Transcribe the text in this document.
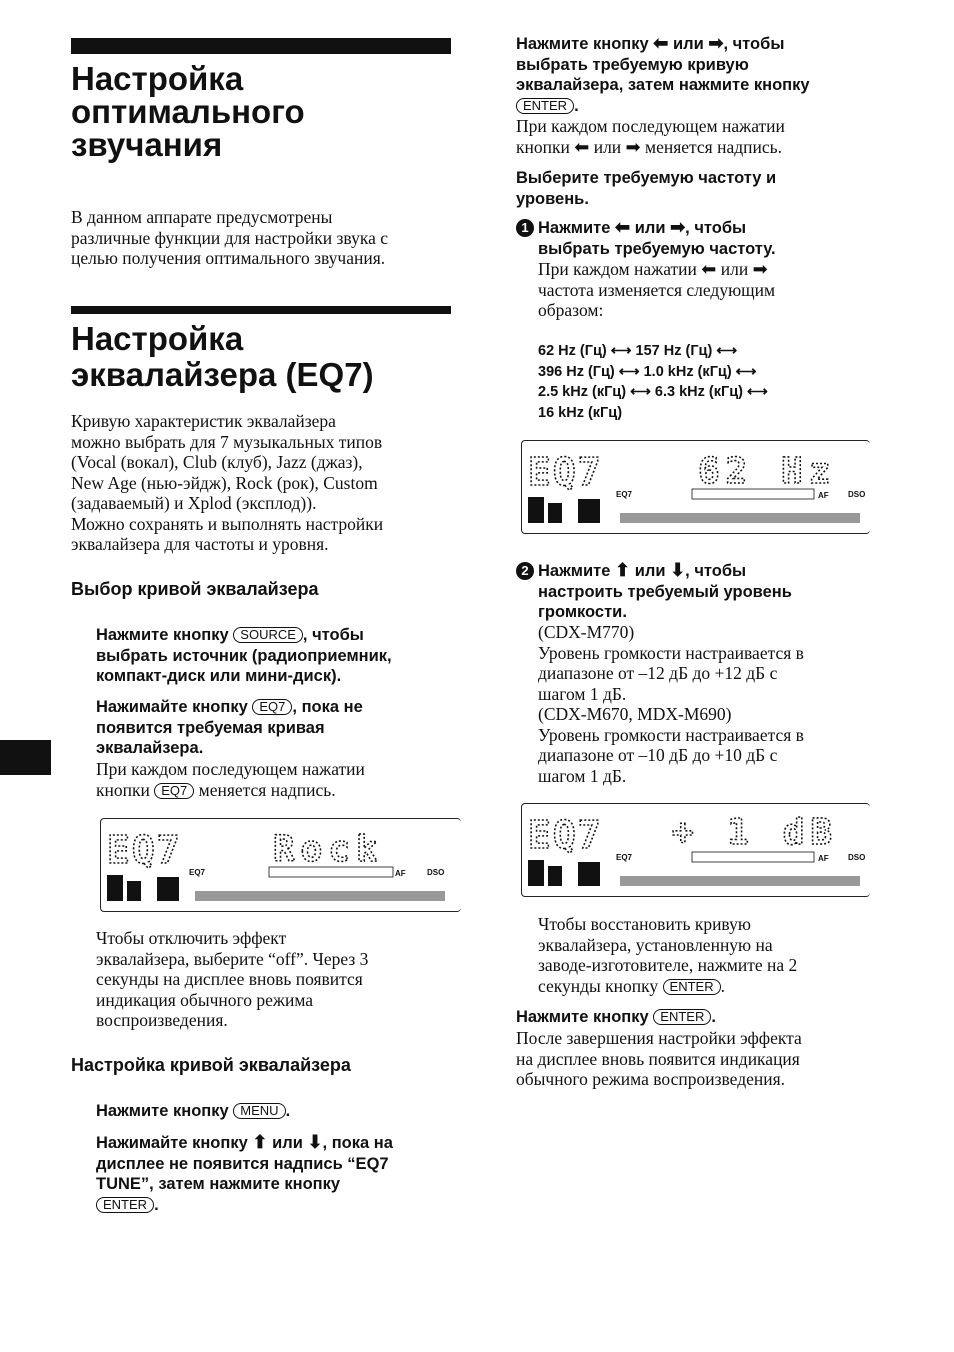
Настройка
оптимального
звучания
В данном аппарате предусмотрены
различные функции для настройки звука с
целью получения оптимального звучания.
Настройка
эквалайзера (EQ7)
Кривую характеристик эквалайзера
можно выбрать для 7 музыкальных типов
(Vocal (вокал), Club (клуб), Jazz (джаз),
New Age (нью-эйдж), Rock (рок), Custom
(задаваемый) и Xplod (эксплод)).
Можно сохранять и выполнять настройки
эквалайзера для частоты и уровня.
Выбор кривой эквалайзера
Нажмите кнопку SOURCE , чтобы
выбрать источник (радиоприемник,
компакт-диск или мини-диск).
Нажимайте кнопку EQ7 , пока не
появится требуемая кривая
эквалайзера.
При каждом последующем нажатии
кнопки EQ7 меняется надпись.
EQ7	Rock
AF
EQ7	DSO
Чтобы отключить эффект
эквалайзера, выберите “off”. Через 3
секунды на дисплее вновь появится
индикация обычного режима
воспроизведения.
Настройка кривой эквалайзера
Нажмите кнопку MENU .
Нажимайте кнопку ⬆ или ⬇, пока на
дисплее не появится надпись “EQ7
TUNE”, затем нажмите кнопку
ENTER .
Нажмите кнопку ⬅ или ➡, чтобы
выбрать требуемую кривую
эквалайзера, затем нажмите кнопку
ENTER .
При каждом последующем нажатии
кнопки ⬅ или ➡ меняется надпись.
Выберите требуемую частоту и
уровень.
1 Нажмите ⬅ или ➡, чтобы
выбрать требуемую частоту.
При каждом нажатии ⬅ или ➡
частота изменяется следующим
образом:
62 Hz (Гц) ⟷ 157 Hz (Гц) ⟷
396 Hz (Гц) ⟷ 1.0 kHz (кГц) ⟷
2.5 kHz (кГц) ⟷ 6.3 kHz (кГц) ⟷
16 kHz (кГц)
EQ7	62 Hz
AF
EQ7	DSO
2 Нажмите ⬆ или ⬇, чтобы
настроить требуемый уровень
громкости.
(CDX-M770)
Уровень громкости настраивается в
диапазоне от –12 дБ до +12 дБ с
шагом 1 дБ.
(CDX-M670, MDX-M690)
Уровень громкости настраивается в
диапазоне от –10 дБ до +10 дБ с
шагом 1 дБ.
EQ7 + 1 dB
AF
EQ7	DSO
Чтобы восстановить кривую
эквалайзера, установленную на
заводе-изготовителе, нажмите на 2
секунды кнопку ENTER .
Нажмите кнопку ENTER .
После завершения настройки эффекта
на дисплее вновь появится индикация
обычного режима воспроизведения.
